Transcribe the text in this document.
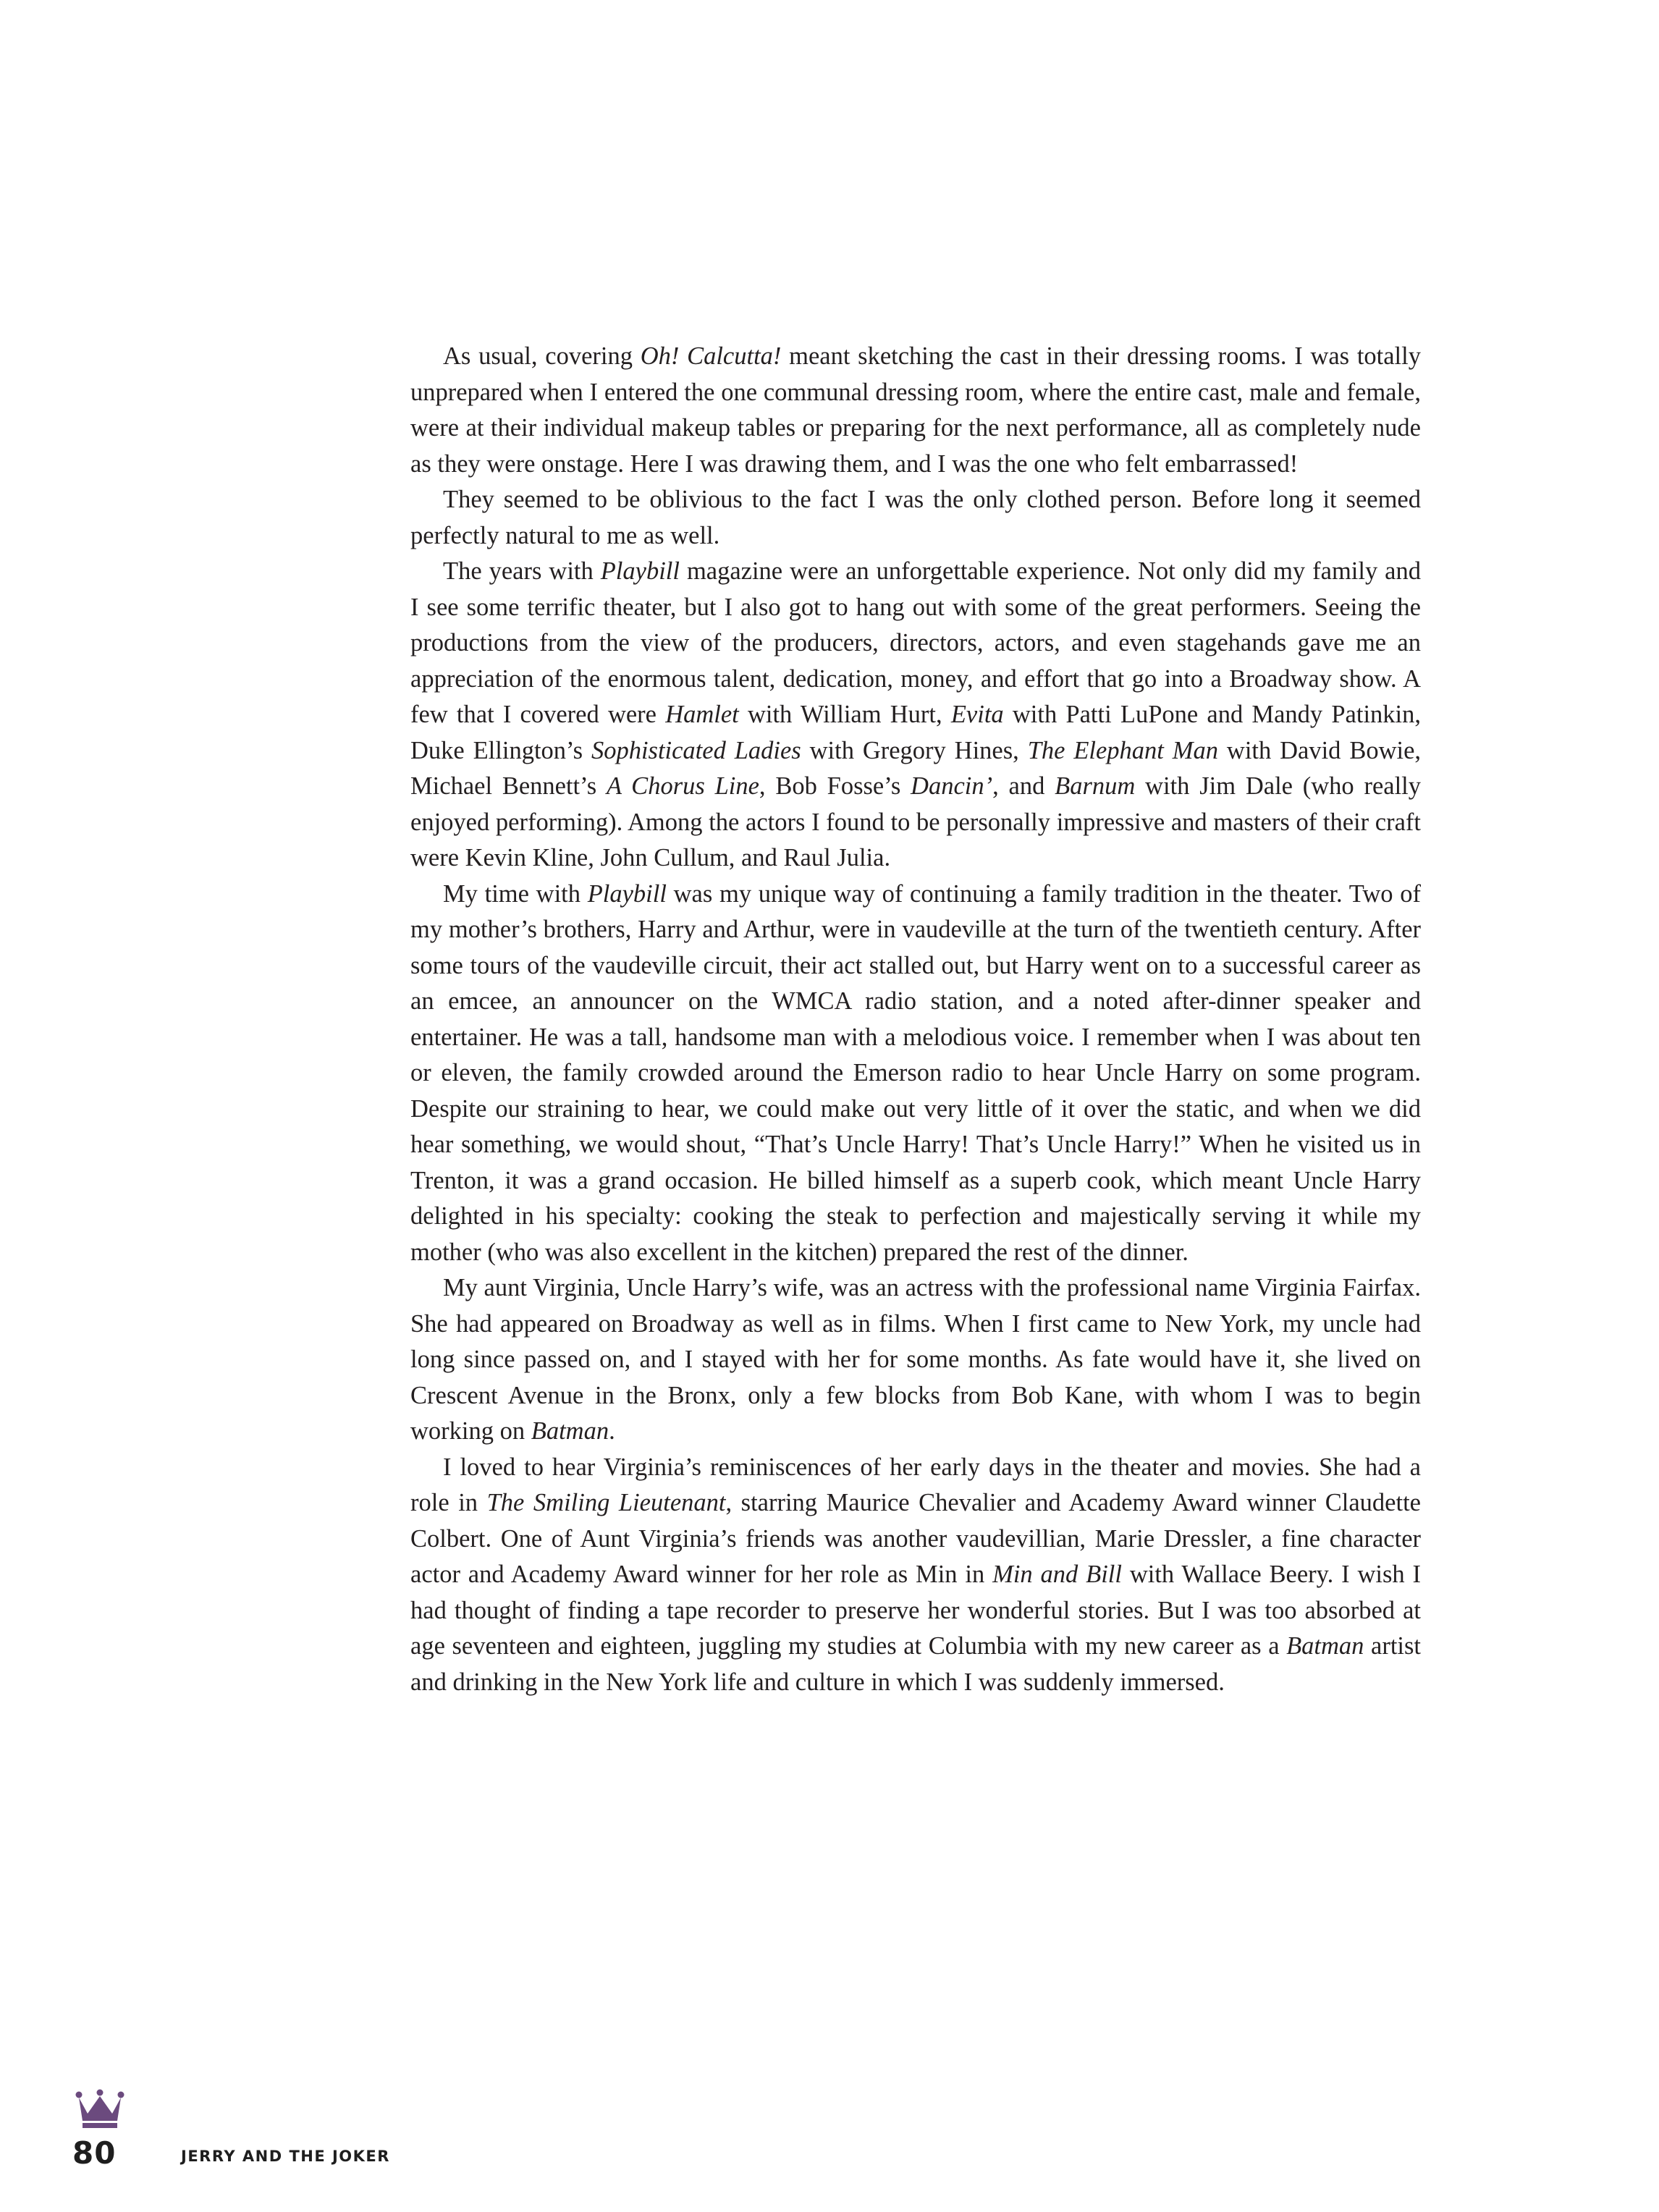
As usual, covering Oh! Calcutta! meant sketching the cast in their dressing rooms. I was totally unprepared when I entered the one communal dressing room, where the entire cast, male and female, were at their individual makeup tables or preparing for the next performance, all as completely nude as they were onstage. Here I was drawing them, and I was the one who felt embarrassed!

They seemed to be oblivious to the fact I was the only clothed person. Before long it seemed perfectly natural to me as well.

The years with Playbill magazine were an unforgettable experience. Not only did my family and I see some terrific theater, but I also got to hang out with some of the great performers. Seeing the productions from the view of the producers, directors, actors, and even stagehands gave me an appreciation of the enormous talent, dedication, money, and effort that go into a Broadway show. A few that I covered were Hamlet with William Hurt, Evita with Patti LuPone and Mandy Patinkin, Duke Ellington’s Sophisticated Ladies with Gregory Hines, The Elephant Man with David Bowie, Michael Bennett’s A Chorus Line, Bob Fosse’s Dancin’, and Barnum with Jim Dale (who really enjoyed performing). Among the actors I found to be personally impressive and masters of their craft were Kevin Kline, John Cullum, and Raul Julia.

My time with Playbill was my unique way of continuing a family tradition in the theater. Two of my mother’s brothers, Harry and Arthur, were in vaudeville at the turn of the twentieth century. After some tours of the vaudeville circuit, their act stalled out, but Harry went on to a successful career as an emcee, an announcer on the WMCA radio station, and a noted after-dinner speaker and entertainer. He was a tall, handsome man with a melodious voice. I remember when I was about ten or eleven, the family crowded around the Emerson radio to hear Uncle Harry on some program. Despite our straining to hear, we could make out very little of it over the static, and when we did hear something, we would shout, “That’s Uncle Harry! That’s Uncle Harry!” When he visited us in Trenton, it was a grand occasion. He billed himself as a superb cook, which meant Uncle Harry delighted in his specialty: cooking the steak to perfection and majestically serving it while my mother (who was also excellent in the kitchen) prepared the rest of the dinner.

My aunt Virginia, Uncle Harry’s wife, was an actress with the professional name Virginia Fairfax. She had appeared on Broadway as well as in films. When I first came to New York, my uncle had long since passed on, and I stayed with her for some months. As fate would have it, she lived on Crescent Avenue in the Bronx, only a few blocks from Bob Kane, with whom I was to begin working on Batman.

I loved to hear Virginia’s reminiscences of her early days in the theater and movies. She had a role in The Smiling Lieutenant, starring Maurice Chevalier and Academy Award winner Claudette Colbert. One of Aunt Virginia’s friends was another vaudevillian, Marie Dressler, a fine character actor and Academy Award winner for her role as Min in Min and Bill with Wallace Beery. I wish I had thought of finding a tape recorder to preserve her wonderful stories. But I was too absorbed at age seventeen and eighteen, juggling my studies at Columbia with my new career as a Batman artist and drinking in the New York life and culture in which I was suddenly immersed.

80	JERRY AND THE JOKER
